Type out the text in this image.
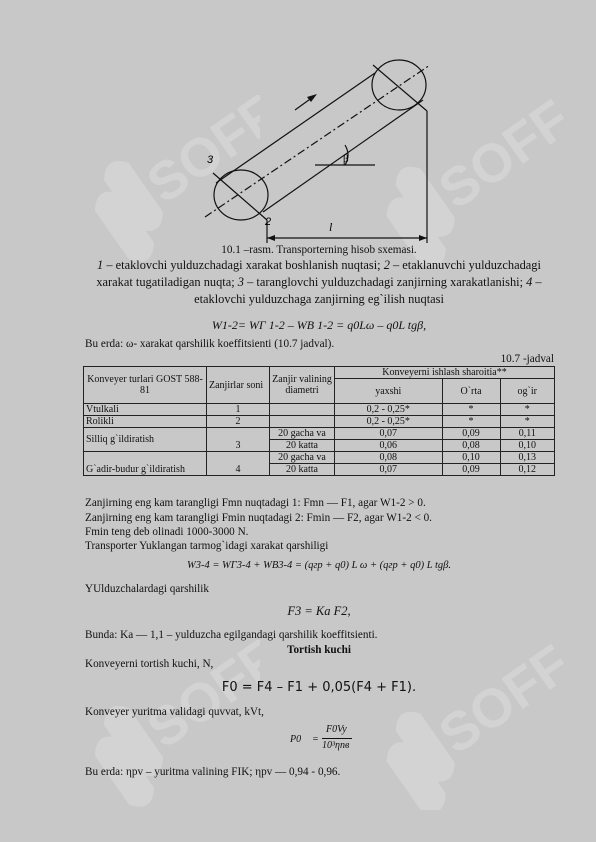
SOFF	SOFF
SOFF	SOFF
3
2
β
l
10.1 –rasm. Transporterning hisob sxemasi.
1 – etaklovchi yulduzchadagi xarakat boshlanish nuqtasi; 2 – etaklanuvchi yulduzchadagi xarakat tugatiladigan nuqta; 3 – taranglovchi yulduzchadagi zanjirning xarakatlanishi; 4 – etaklovchi yulduzchaga zanjirning eg`ilish nuqtasi
W1-2= WГ 1-2 – WВ 1-2 = q0Lω – q0L tgβ,
Bu erda: ω- xarakat qarshilik koeffitsienti (10.7 jadval).
10.7 -jadval
Konveyer turlari GOST 588-81	Zanjirlar soni	Zanjir valining diametri	Konveyerni ishlash sharoitia**		
			yaxshi	O`rta	og`ir
Vtulkali	1		0,2 - 0,25*	*	*
Rolikli	2		0,2 - 0,25*	*	*
Silliq g`ildiratish	3	20 gacha va	0,07	0,09	0,11
		20 katta	0,06	0,08	0,10
G`adir-budur g`ildiratish	4	20 gacha va	0,08	0,10	0,13
		20 katta	0,07	0,09	0,12
Zanjirning eng kam tarangligi Fmn nuqtadagi 1: Fmn — F1, agar W1-2 > 0.
Zanjirning eng kam tarangligi Fmin nuqtadagi 2: Fmin — F2, agar W1-2 < 0.
Fmin teng deb olinadi 1000-3000 N.
Transporter Yuklangan tarmog`idagi xarakat qarshiligi
W3-4 = WГ3-4 + WВ3-4 = (qгр + q0) L ω + (qгр + q0) L tgβ.
YUlduzchalardagi qarshilik
F3 = Ka F2,
Bunda: Ka — 1,1 – yulduzcha egilgandagi qarshilik koeffitsienti.
Tortish kuchi
Konveyerni tortish kuchi, N,
F0 = F4 – F1 + 0,05(F4 + F1).
Konveyer yuritma validagi quvvat, kVt,
P0 =
F0Vy
10³ηпв
Bu erda: ηpv – yuritma valining FIK; ηpv — 0,94 - 0,96.
